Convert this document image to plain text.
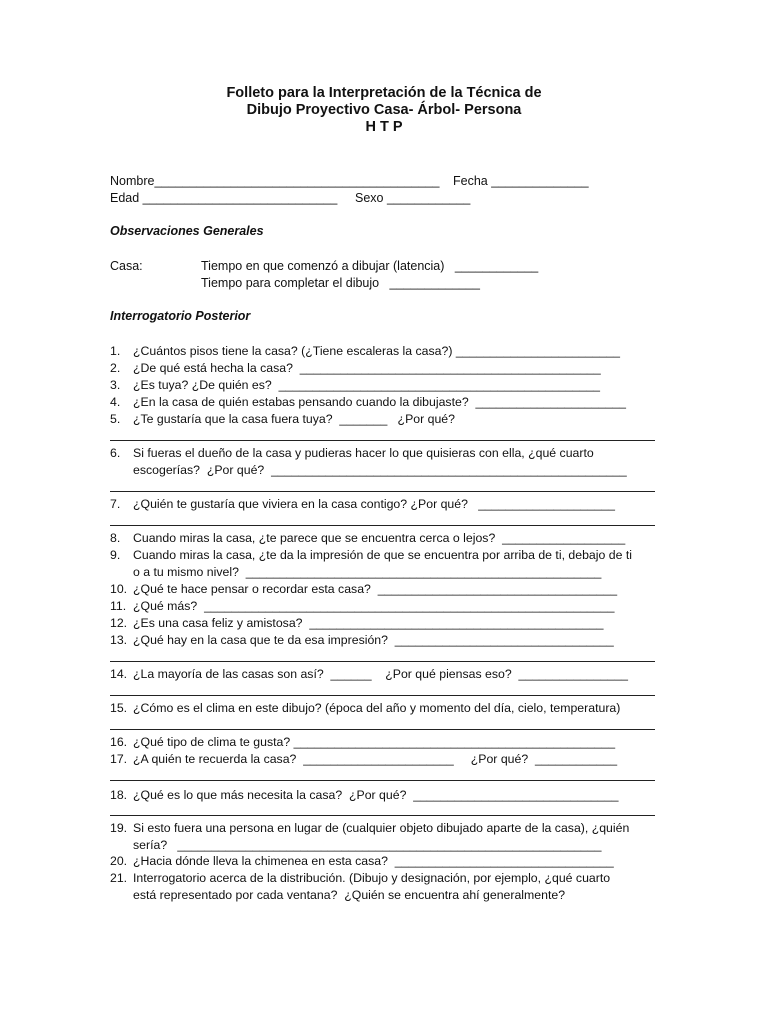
Folleto para la Interpretación de la Técnica de
Dibujo Proyectivo Casa- Árbol- Persona
H T P
Nombre_________________________________________ Fecha ______________
Edad ____________________________ Sexo ____________
Observaciones Generales
Casa:	Tiempo en que comenzó a dibujar (latencia)   ____________
Tiempo para completar el dibujo   _____________
Interrogatorio Posterior
1.	¿Cuántos pisos tiene la casa? (¿Tiene escaleras la casa?) ________________________
2.	¿De qué está hecha la casa?  ____________________________________________
3.	¿Es tuya? ¿De quién es?  _______________________________________________
4.	¿En la casa de quién estabas pensando cuando la dibujaste?  ______________________
5.	¿Te gustaría que la casa fuera tuya?  _______   ¿Por qué?
6.	Si fueras el dueño de la casa y pudieras hacer lo que quisieras con ella, ¿qué cuarto
escogerías?  ¿Por qué?  ____________________________________________________
7.	¿Quién te gustaría que viviera en la casa contigo? ¿Por qué?   ____________________
8.	Cuando miras la casa, ¿te parece que se encuentra cerca o lejos?  __________________
9.	Cuando miras la casa, ¿te da la impresión de que se encuentra por arriba de ti, debajo de ti
o a tu mismo nivel?  ____________________________________________________
10. ¿Qué te hace pensar o recordar esta casa?  ___________________________________
11. ¿Qué más?  ____________________________________________________________
12. ¿Es una casa feliz y amistosa?  ___________________________________________
13. ¿Qué hay en la casa que te da esa impresión?  ________________________________
14. ¿La mayoría de las casas son así?  ______    ¿Por qué piensas eso?  ________________
15. ¿Cómo es el clima en este dibujo? (época del año y momento del día, cielo, temperatura)
16. ¿Qué tipo de clima te gusta? _______________________________________________
17. ¿A quién te recuerda la casa?  ______________________     ¿Por qué?  ____________
18. ¿Qué es lo que más necesita la casa?  ¿Por qué?  ______________________________
19. Si esto fuera una persona en lugar de (cualquier objeto dibujado aparte de la casa), ¿quién
sería?   ______________________________________________________________
20. ¿Hacia dónde lleva la chimenea en esta casa?  ________________________________
21. Interrogatorio acerca de la distribución. (Dibujo y designación, por ejemplo, ¿qué cuarto
está representado por cada ventana?  ¿Quién se encuentra ahí generalmente?
